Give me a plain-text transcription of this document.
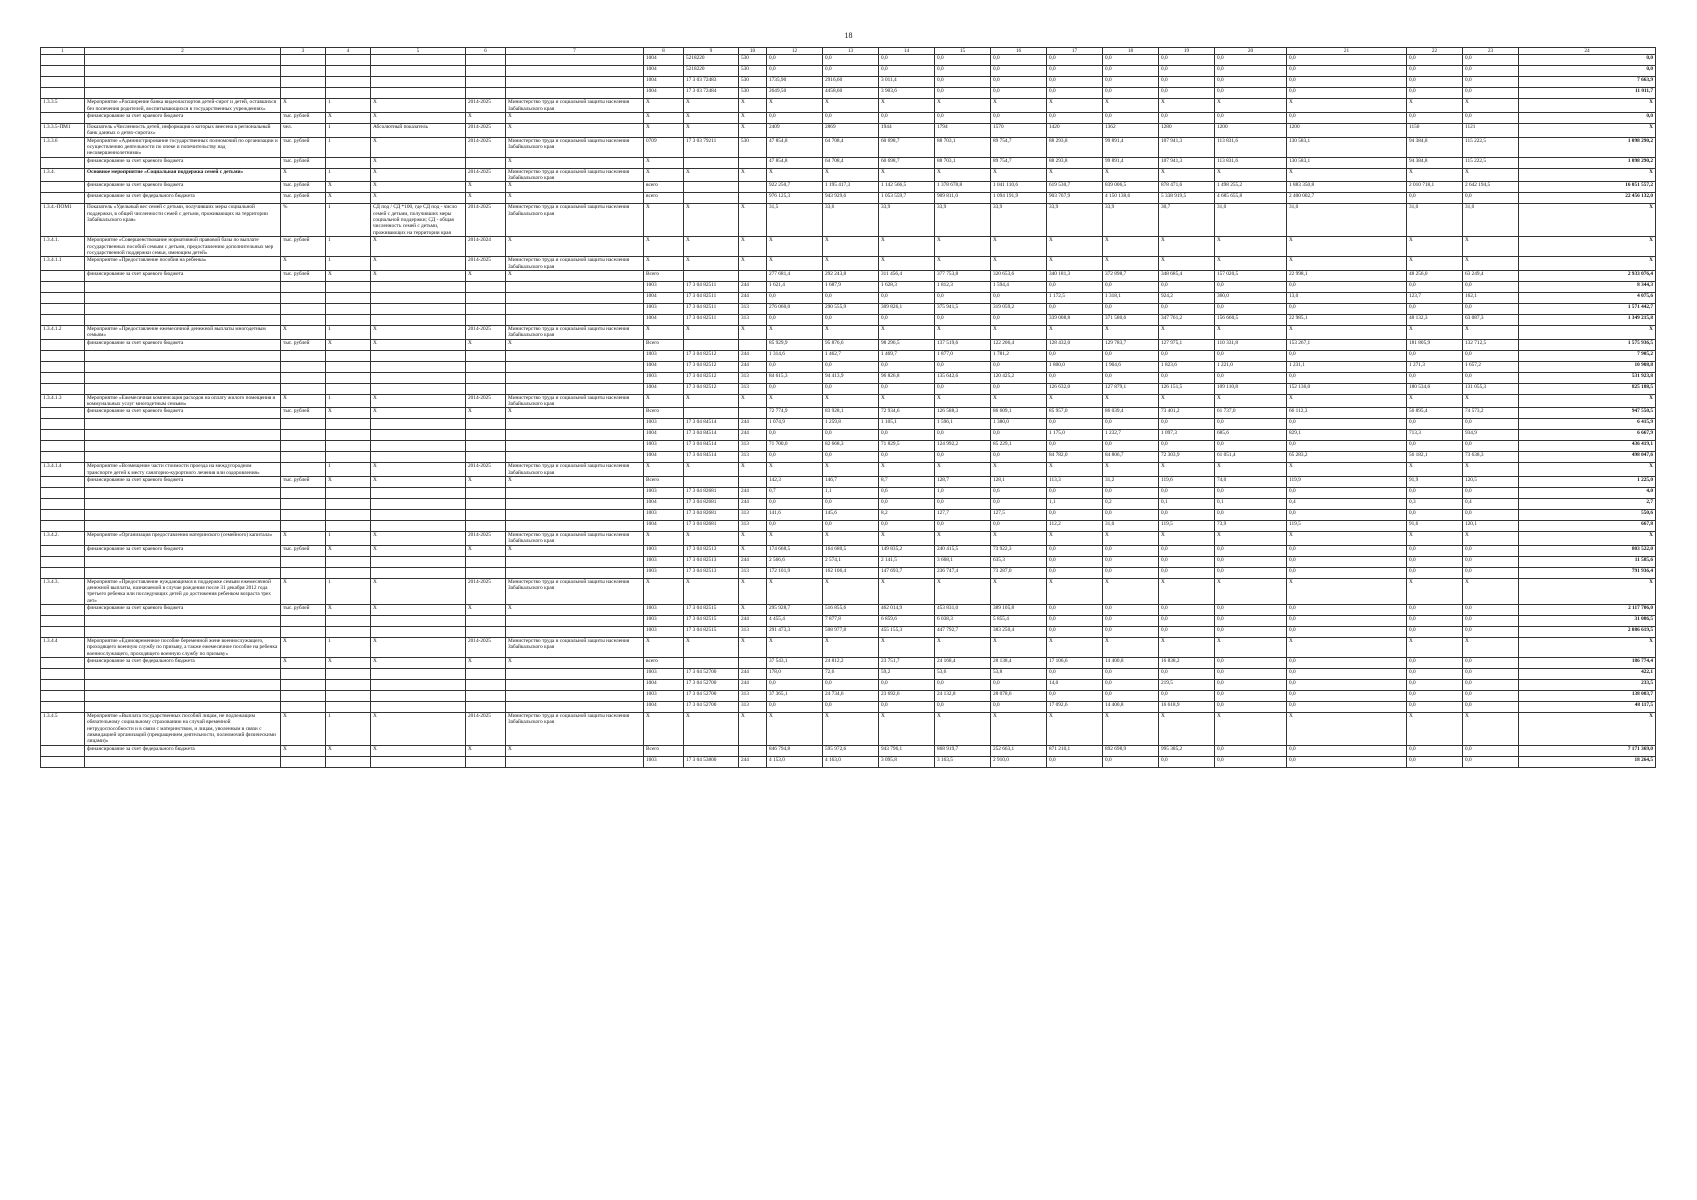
18
1	2	3	4	5	6	7	8	9	10	12	13	14	15	16	17	18	19	20	21	22	23	24
							1004	5218220	530	0,0	0,0	0,0	0,0	0,0	0,0	0,0	0,0	0,0	0,0	0,0	0,0	0,0
							1004	5218220	530	0,0	0,0	0,0	0,0	0,0	0,0	0,0	0,0	0,0	0,0	0,0	0,0	0,0
							1004	17 3 03 72483	530	1735,90	2916,60	3 011,4	0,0	0,0	0,0	0,0	0,0	0,0	0,0	0,0	0,0	7 663,9
							1004	17 3 03 72484	530	2649,50	4458,60	3 903,6	0,0	0,0	0,0	0,0	0,0	0,0	0,0	0,0	0,0	11 011,7
1.3.3.5	Мероприятие «Расширение банка видеопаспортов детей-сирот и детей, оставшихся без попечения родителей, воспитывающихся в государственных учреждениях»	Х	1	Х	2014-2025	Министерство труда и социальной защиты населения Забайкальского края	Х	Х	Х	Х	Х	Х	Х	Х	Х	Х	Х	Х	Х	Х	Х	Х
	финансирование за счет краевого бюджета	тыс. рублей	Х	Х	Х	Х	Х	Х	Х	0,0	0,0	0,0	0,0	0,0	0,0	0,0	0,0	0,0	0,0	0,0	0,0	0,0
1.3.3.5-ПМ1	Показатель «Численность детей, информация о которых внесена в региональный банк данных о детях-сиротах»	чел.	1	Абсолютный показатель	2014-2025	Х	Х	Х	Х	2409	2869	1944	1794	1570	1420	1362	1280	1200	1200	1150	1121	Х
1.3.3.6	Мероприятие «Администрирование государственных полномочий по организации и осуществлению деятельности по опеке и попечительству над несовершеннолетними»	тыс. рублей	1	Х	2014-2025	Министерство труда и социальной защиты населения Забайкальского края	0709	17 3 03 79211	530	47 854,8	64 708,4	60 698,7	88 703,1	89 754,7	88 293,8	99 891,4	107 941,3	113 831,6	130 583,1	94 384,8	115 222,5	1 098 290,2
	финансирование за счет краевого бюджета	тыс. рублей		Х		Х	Х			47 854,8	64 708,4	60 698,7	88 703,1	89 754,7	88 293,8	99 891,4	107 941,3	113 831,6	130 583,1	94 384,8	115 222,5	1 098 290,2
1.3.4.	Основное мероприятие «Социальная поддержка семей с детьми»	Х	1	Х	2014-2025	Министерство труда и социальной защиты населения Забайкальского края	Х	Х	Х	Х	Х	Х	Х	Х	Х	Х	Х	Х	Х	Х	Х	Х
	финансирование за счет краевого бюджета	тыс. рублей	Х	Х	Х	Х	всего			922 250,7	1 195 417,3	1 142 566,5	1 378 678,8	1 041 110,6	619 530,7	839 006,5	878 471,6	1 498 255,2	1 883 350,8	2 010 718,1	2 642 194,5	16 051 557,2
	финансирование за счет федерального бюджета	тыс. рублей	Х	Х	Х	Х	всего			976 125,3	943 929,6	1 053 559,7	909 811,0	1 094 191,9	903 767,9	4 150 138,6	5 338 919,5	4 685 655,8	2 400 002,7	0,0	0,0	22 456 132,0
1.3.4.-ПОМ1	Показатель «Удельный вес семей с детьми, получивших меры социальной поддержки, в общей численности семей с детьми, проживающих на территории Забайкальского края»	%	1	СД под / СД *100, где СД под - число семей с детьми, получивших меры социальной поддержки; СД - общая численность семей с детьми, проживающих на территории края	2014-2025	Министерство труда и социальной защиты населения Забайкальского края	Х	Х	Х	31,5	33,6	33,9	33,9	33,9	33,9	33,9	30,7	31,0	31,0	31,0	31,0	Х
1.3.4.1.	Мероприятие «Совершенствование нормативной правовой базы по выплате государственных пособий семьям с детьми, предоставлению дополнительных мер государственной поддержки семьи, имеющим детей»	тыс. рублей	1	Х	2014-2024	Х	Х	Х	Х	Х	Х	Х	Х	Х	Х	Х	Х	Х	Х	Х	Х	Х
1.3.4.1.1	Мероприятие «Предоставление пособия на ребенка»	Х	1	Х	2014-2025	Министерство труда и социальной защиты населения Забайкальского края	Х	Х	Х	Х	Х	Х	Х	Х	Х	Х	Х	Х	Х	Х	Х	Х
	финансирование за счет краевого бюджета	тыс. рублей	Х	Х	Х	Х	Всего			277 681,4	292 243,8	311 456,4	377 753,8	320 653,6	340 181,3	372 898,7	348 685,4	157 020,5	22 998,1	48 256,0	63 249,4	2 933 076,4
							1003	17 3 04 82511	244	1 621,4	1 687,9	1 628,3	1 812,3	1 594,4	0,0	0,0	0,0	0,0	0,0	0,0	0,0	8 344,3
							1004	17 3 04 82511	244	0,0	0,0	0,0	0,0	0,0	1 172,5	1 318,1	924,2	360,0	13,0	123,7	162,1	4 075,6
							1003	17 3 04 82511	313	276 060,0	290 555,9	309 826,1	375 941,5	319 059,2	0,0	0,0	0,0	0,0	0,0	0,0	0,0	1 571 442,7
							1004	17 3 04 82511	313	0,0	0,0	0,0	0,0	0,0	339 008,8	371 580,6	347 761,2	156 660,5	22 985,1	48 132,3	63 087,3	1 349 215,8
1.3.4.1.2	Мероприятие «Предоставление ежемесячной денежной выплаты многодетным семьям»	Х	1	Х	2014-2025	Министерство труда и социальной защиты населения Забайкальского края	Х	Х	Х	Х	Х	Х	Х	Х	Х	Х	Х	Х	Х	Х	Х	Х
	финансирование за счет краевого бюджета	тыс. рублей	Х	Х	Х	Х	Всего			85 929,9	95 876,6	98 296,5	137 519,6	122 206,4	128 432,0	129 783,7	127 975,1	110 331,8	153 267,1	181 805,9	132 712,5	1 575 936,5
							1003	17 3 04 82512	244	1 314,6	1 462,7	1 469,7	1 877,0	1 781,2	0,0	0,0	0,0	0,0	0,0	0,0	0,0	7 905,2
							1004	17 3 04 82512	244	0,0	0,0	0,0	0,0	0,0	1 800,0	1 904,6	1 823,6	1 221,0	1 231,1	1 271,3	1 657,2	10 908,8
							1003	17 3 04 82512	313	84 615,3	94 413,9	96 826,8	135 642,6	120 425,2	0,0	0,0	0,0	0,0	0,0	0,0	0,0	531 923,8
							1004	17 3 04 82512	313	0,0	0,0	0,0	0,0	0,0	126 632,0	127 879,1	126 151,5	109 110,8	152 136,0	180 534,6	131 055,3	825 188,5
1.3.4.1.3	Мероприятие «Ежемесячная компенсация расходов на оплату жилого помещения и коммунальных услуг многодетным семьям»	Х	1	Х	2014-2025	Министерство труда и социальной защиты населения Забайкальского края	Х	Х	Х	Х	Х	Х	Х	Х	Х	Х	Х	Х	Х	Х	Х	Х
	финансирование за счет краевого бюджета	тыс. рублей	Х	Х	Х	Х	Всего			72 774,9	83 928,1	72 934,6	126 588,3	86 609,1	85 957,0	86 039,4	73 401,2	61 737,0	66 112,3	56 895,4	74 573,2	947 550,5
							1003	17 3 04 84514	244	1 074,9	1 259,8	1 105,1	1 596,1	1 380,0	0,0	0,0	0,0	0,0	0,0	0,0	0,0	6 415,9
							1004	17 3 04 84514	244	0,0	0,0	0,0	0,0	0,0	1 175,0	1 232,7	1 097,3	685,6	829,1	713,3	934,9	6 667,9
							1003	17 3 04 84514	313	71 700,0	82 668,3	71 829,5	124 992,2	85 229,1	0,0	0,0	0,0	0,0	0,0	0,0	0,0	436 419,1
							1004	17 3 04 84514	313	0,0	0,0	0,0	0,0	0,0	84 782,0	84 806,7	72 303,9	61 051,4	65 283,2	56 182,1	73 638,3	498 047,6
1.3.4.1.4	Мероприятие «Возмещение части стоимости проезда на междугородном транспорте детей к месту санаторно-курортного лечения или оздоровления»		1	Х	2014-2025	Министерство труда и социальной защиты населения Забайкальского края	Х	Х	Х	Х	Х	Х	Х	Х	Х	Х	Х	Х	Х	Х	Х	Х
	финансирование за счет краевого бюджета	тыс. рублей	Х	Х	Х	Х	Всего			142,3	146,7	8,7	128,7	128,1	113,3	31,2	119,6	74,0	119,9	91,9	120,5	1 225,0
							1003	17 3 04 82681	244	0,7	1,1	0,6	1,0	0,6	0,0	0,0	0,0	0,0	0,0	0,0	0,0	4,0
							1004	17 3 04 82681	244	0,0	0,0	0,0	0,0	0,0	1,1	0,2	0,1	0,1	0,4	0,3	0,4	2,7
							1003	17 3 04 82681	313	141,6	145,6	8,2	127,7	127,5	0,0	0,0	0,0	0,0	0,0	0,0	0,0	550,6
							1004	17 3 04 82681	313	0,0	0,0	0,0	0,0	0,0	112,2	31,0	119,5	73,9	119,5	91,6	120,1	667,8
1.3.4.2.	Мероприятие «Организация предоставления материнского (семейного) капитала»	Х	1	Х	2014-2025	Министерство труда и социальной защиты населения Забайкальского края	Х	Х	Х	Х	Х	Х	Х	Х	Х	Х	Х	Х	Х	Х	Х	Х
	финансирование за счет краевого бюджета	тыс. рублей	Х	Х	Х	Х	1003	17 3 04 82513	Х	174 668,5	164 680,5	149 835,2	240 415,5	73 922,3	0,0	0,0	0,0	0,0	0,0	0,0	0,0	803 522,0
							1003	17 3 04 82513	244	2 566,6	2 574,1	2 141,5	3 668,1	635,3	0,0	0,0	0,0	0,0	0,0	0,0	0,0	11 585,6
							1003	17 3 04 82513	313	172 101,9	162 106,4	147 693,7	236 747,4	73 287,0	0,0	0,0	0,0	0,0	0,0	0,0	0,0	791 936,4
1.3.4.3.	Мероприятие «Предоставление нуждающимся в поддержке семьям ежемесячной денежной выплаты, назначаемой в случае рождения после 31 декабря 2012 года третьего ребенка или последующих детей до достижения ребенком возраста трех лет»	Х	1	Х	2014-2025	Министерство труда и социальной защиты населения Забайкальского края	Х	Х	Х	Х	Х	Х	Х	Х	Х	Х	Х	Х	Х	Х	Х	Х
	финансирование за счет краевого бюджета	тыс. рублей	Х	Х	Х	Х	1003	17 3 04 82515	Х	295 928,7	516 855,6	462 014,9	453 831,0	389 105,8	0,0	0,0	0,0	0,0	0,0	0,0	0,0	2 117 706,0
							1003	17 3 04 82515	244	4 455,4	7 877,8	6 859,6	6 038,3	5 855,4	0,0	0,0	0,0	0,0	0,0	0,0	0,0	31 086,5
							1003	17 3 04 82515	313	291 473,3	508 977,8	455 155,3	447 792,7	383 250,4	0,0	0,0	0,0	0,0	0,0	0,0	0,0	2 086 619,5
1.3.4.4	Мероприятие «Единовременное пособие беременной жене военнослужащего, проходящего военную службу по призыву, а также ежемесячное пособие на ребенка военнослужащего, проходящего военную службу по призыву»	Х	1	Х	2014-2025	Министерство труда и социальной защиты населения Забайкальского края	Х	Х	Х	Х	Х	Х	Х	Х	Х	Х	Х	Х	Х	Х	Х	Х
	финансирование за счет федерального бюджета	Х	Х	Х	Х	Х	всего			37 543,1	24 812,2	23 751,7	24 168,4	28 138,4	17 106,6	14 400,8	16 838,2	0,0	0,0	0,0	0,0	186 774,4
							1003	17 3 04 52700	244	178,0	72,6	59,2	53,6	53,8	0,0	0,0	0,0	0,0	0,0	0,0	0,0	422,1
							1004	17 3 04 52700	244	0,0	0,0	0,0	0,0	0,0	14,0	0,0	219,5	0,0	0,0	0,0	0,0	233,5
							1003	17 3 04 52700	313	37 365,1	24 734,6	23 692,6	24 132,8	28 078,6	0,0	0,0	0,0	0,0	0,0	0,0	0,0	138 003,7
							1004	17 3 04 52700	313	0,0	0,0	0,0	0,0	0,0	17 092,6	14 400,8	16 618,9	0,0	0,0	0,0	0,0	48 117,5
1.3.4.5	Мероприятие «Выплата государственных пособий лицам, не подлежащим обязательному социальному страхованию на случай временной нетрудоспособности и в связи с материнством, и лицам, уволенным в связи с ликвидацией организаций (прекращением деятельности, полномочий физическими лицами)»	Х	1	Х	2014-2025	Министерство труда и социальной защиты населения Забайкальского края	Х	Х	Х	Х	Х	Х	Х	Х	Х	Х	Х	Х	Х	Х	Х	Х
	финансирование за счет федерального бюджета	Х	Х	Х	Х	Х	Всего			846 794,8	595 972,6	943 796,1	868 919,7	252 663,1	871 210,1	892 698,9	995 385,2	0,0	0,0	0,0	0,0	7 171 369,0
							1003	17 3 04 53800	244	4 153,0	4 163,0	3 095,8	3 163,5	2 910,0	0,0	0,0	0,0	0,0	0,0	0,0	0,0	18 264,5
